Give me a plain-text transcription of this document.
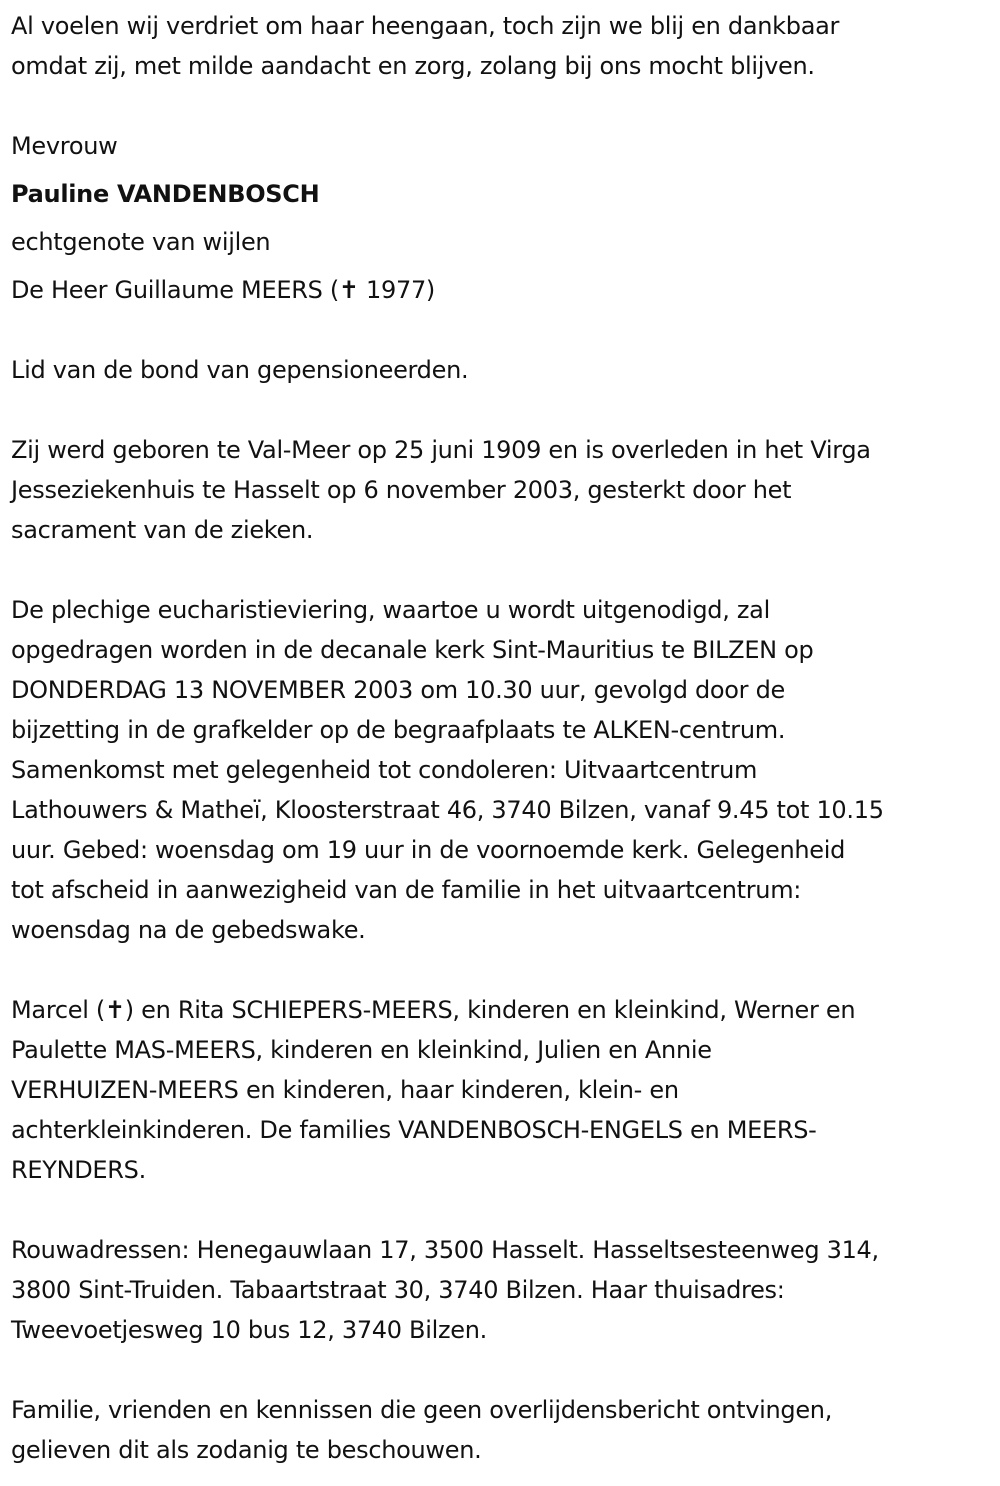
Al voelen wij verdriet om haar heengaan, toch zijn we blij en dankbaar
omdat zij, met milde aandacht en zorg, zolang bij ons mocht blijven.

Mevrouw

Pauline VANDENBOSCH

echtgenote van wijlen

De Heer Guillaume MEERS (✝ 1977)

Lid van de bond van gepensioneerden.

Zij werd geboren te Val-Meer op 25 juni 1909 en is overleden in het Virga
Jesseziekenhuis te Hasselt op 6 november 2003, gesterkt door het
sacrament van de zieken.

De plechige eucharistieviering, waartoe u wordt uitgenodigd, zal
opgedragen worden in de decanale kerk Sint-Mauritius te BILZEN op
DONDERDAG 13 NOVEMBER 2003 om 10.30 uur, gevolgd door de
bijzetting in de grafkelder op de begraafplaats te ALKEN-centrum.
Samenkomst met gelegenheid tot condoleren: Uitvaartcentrum
Lathouwers & Matheï, Kloosterstraat 46, 3740 Bilzen, vanaf 9.45 tot 10.15
uur. Gebed: woensdag om 19 uur in de voornoemde kerk. Gelegenheid
tot afscheid in aanwezigheid van de familie in het uitvaartcentrum:
woensdag na de gebedswake.

Marcel (✝) en Rita SCHIEPERS-MEERS, kinderen en kleinkind, Werner en
Paulette MAS-MEERS, kinderen en kleinkind, Julien en Annie
VERHUIZEN-MEERS en kinderen, haar kinderen, klein- en
achterkleinkinderen. De families VANDENBOSCH-ENGELS en MEERS-
REYNDERS.

Rouwadressen: Henegauwlaan 17, 3500 Hasselt. Hasseltsesteenweg 314,
3800 Sint-Truiden. Tabaartstraat 30, 3740 Bilzen. Haar thuisadres:
Tweevoetjesweg 10 bus 12, 3740 Bilzen.

Familie, vrienden en kennissen die geen overlijdensbericht ontvingen,
gelieven dit als zodanig te beschouwen.
